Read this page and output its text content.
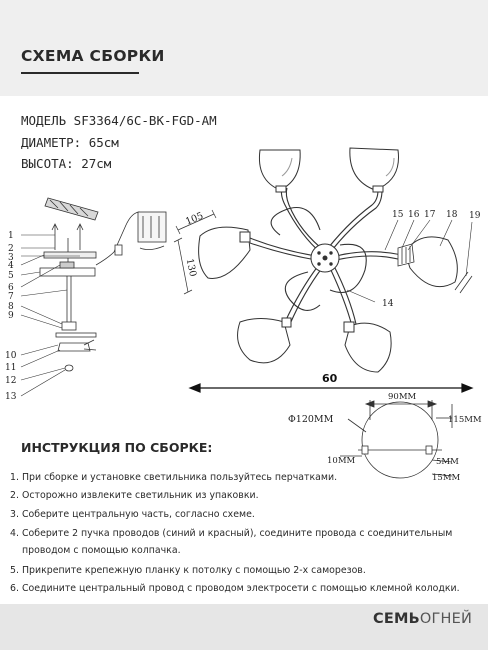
СХЕМА СБОРКИ
МОДЕЛЬ SF3364/6C-BK-FGD-AM
ДИАМЕТР: 65см
ВЫСОТА: 27см
1
2
3
4
5
6
7
8
9
10
11
12
13
105
130
15 16 17 18 19
14
60
Φ120MM
90MM
115MM
10MM	5MM
15MM
ИНСТРУКЦИЯ ПО СБОРКЕ:
1. При сборке и установке светильника пользуйтесь перчатками.
2. Осторожно извлеките светильник из упаковки.
3. Соберите центральную часть, согласно схеме.
4. Соберите 2 пучка проводов (синий и красный), соедините провода с соединительным проводом с помощью колпачка.
5. Прикрепите крепежную планку к потолку с помощью 2-х саморезов.
6. Соедините центральный провод с проводом электросети с помощью клемной колодки.
СЕМЬОГНЕЙ
